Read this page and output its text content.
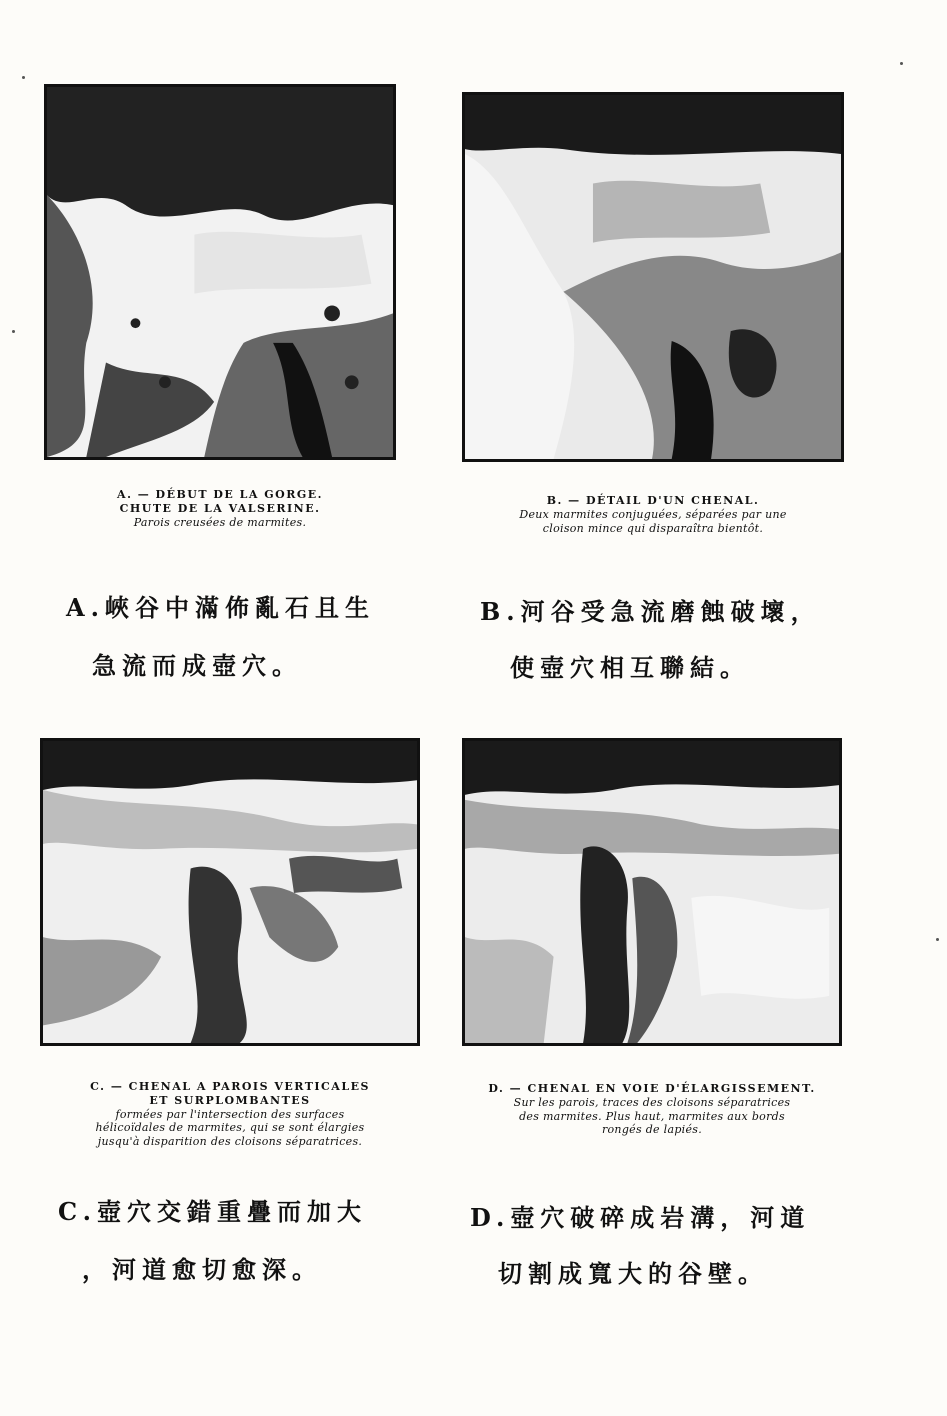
A. — DÉBUT DE LA GORGE.
CHUTE DE LA VALSERINE.
Parois creusées de marmites.
A.峽谷中滿佈亂石且生
急流而成壺穴。
B. — DÉTAIL D'UN CHENAL.
Deux marmites conjuguées, séparées par une
cloison mince qui disparaîtra bientôt.
B.河谷受急流磨蝕破壞，
使壺穴相互聯結。
C. — CHENAL A PAROIS VERTICALES
ET SURPLOMBANTES
formées par l'intersection des surfaces
hélicoïdales de marmites, qui se sont élargies
jusqu'à disparition des cloisons séparatrices.
C.壺穴交錯重疊而加大
，河道愈切愈深。
D. — CHENAL EN VOIE D'ÉLARGISSEMENT.
Sur les parois, traces des cloisons séparatrices
des marmites. Plus haut, marmites aux bords
rongés de lapiés.
D.壺穴破碎成岩溝，河道
切割成寬大的谷壁。
